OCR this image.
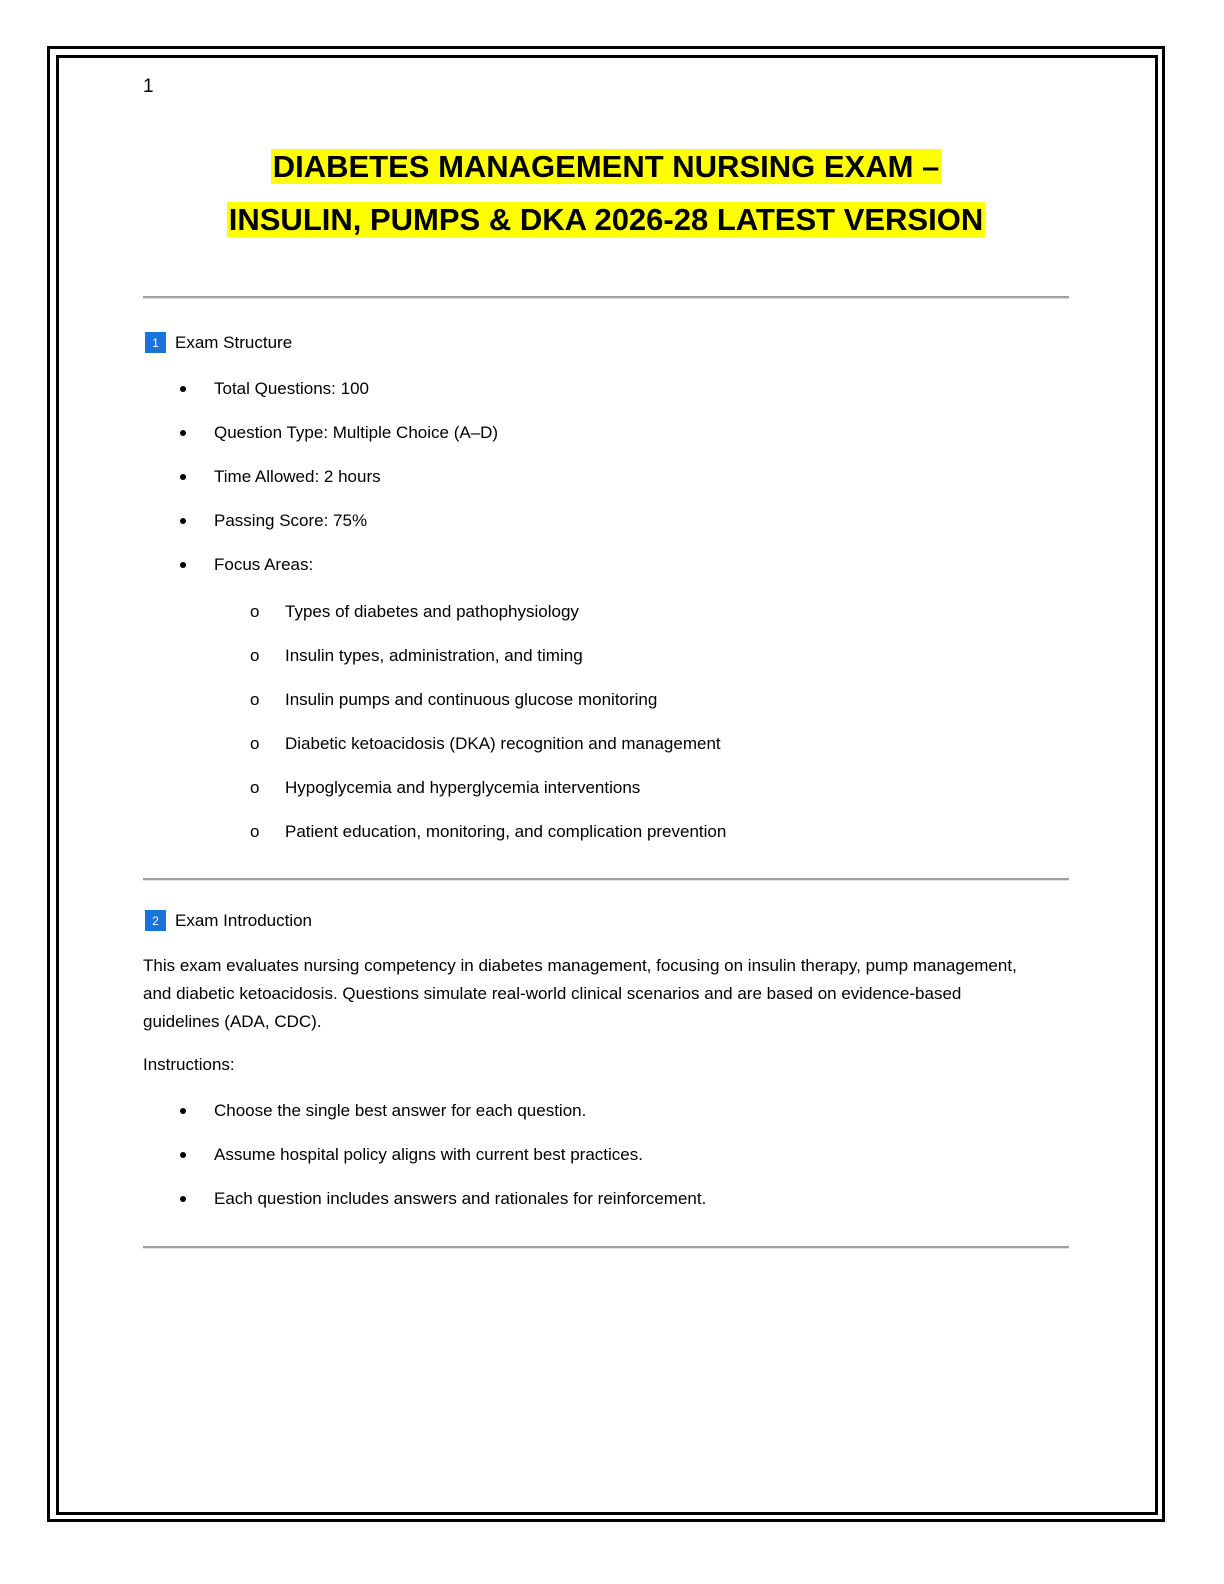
1
DIABETES MANAGEMENT NURSING EXAM –
INSULIN, PUMPS & DKA 2026-28 LATEST VERSION
1 Exam Structure
Total Questions: 100
Question Type: Multiple Choice (A–D)
Time Allowed: 2 hours
Passing Score: 75%
Focus Areas:
o Types of diabetes and pathophysiology
o Insulin types, administration, and timing
o Insulin pumps and continuous glucose monitoring
o Diabetic ketoacidosis (DKA) recognition and management
o Hypoglycemia and hyperglycemia interventions
o Patient education, monitoring, and complication prevention
2 Exam Introduction

This exam evaluates nursing competency in diabetes management, focusing on insulin therapy, pump management, and diabetic ketoacidosis. Questions simulate real-world clinical scenarios and are based on evidence-based guidelines (ADA, CDC).

Instructions:

Choose the single best answer for each question.
Assume hospital policy aligns with current best practices.
Each question includes answers and rationales for reinforcement.
